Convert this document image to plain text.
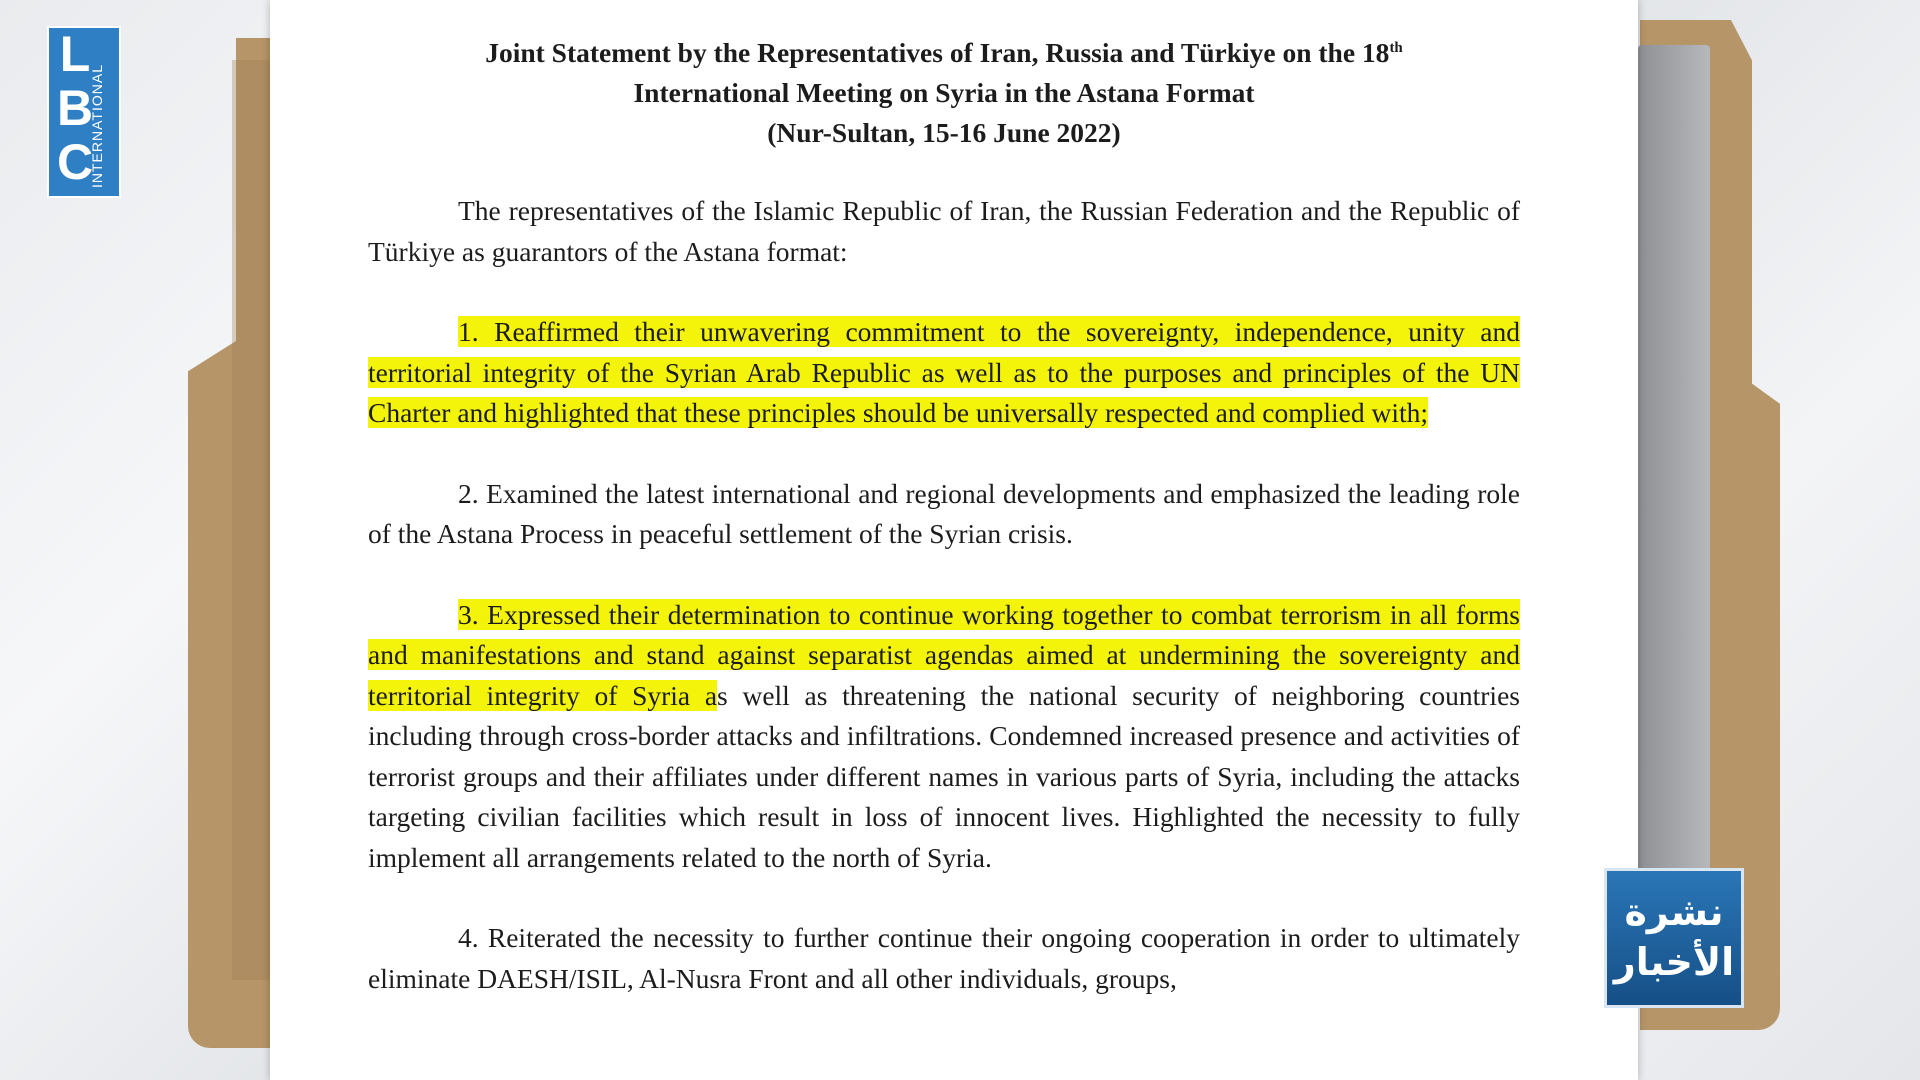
Joint Statement by the Representatives of Iran, Russia and Türkiye on the 18th
International Meeting on Syria in the Astana Format
(Nur-Sultan, 15-16 June 2022)

The representatives of the Islamic Republic of Iran, the Russian Federation and the Republic of Türkiye as guarantors of the Astana format:

1. Reaffirmed their unwavering commitment to the sovereignty, independence, unity and territorial integrity of the Syrian Arab Republic as well as to the purposes and principles of the UN Charter and highlighted that these principles should be universally respected and complied with;

2. Examined the latest international and regional developments and emphasized the leading role of the Astana Process in peaceful settlement of the Syrian crisis.

3. Expressed their determination to continue working together to combat terrorism in all forms and manifestations and stand against separatist agendas aimed at undermining the sovereignty and territorial integrity of Syria as well as threatening the national security of neighboring countries including through cross-border attacks and infiltrations. Condemned increased presence and activities of terrorist groups and their affiliates under different names in various parts of Syria, including the attacks targeting civilian facilities which result in loss of innocent lives. Highlighted the necessity to fully implement all arrangements related to the north of Syria.

4. Reiterated the necessity to further continue their ongoing cooperation in order to ultimately eliminate DAESH/ISIL, Al-Nusra Front and all other individuals, groups,

L
B
C
INTERNATIONAL
نشرة
الأخبار
